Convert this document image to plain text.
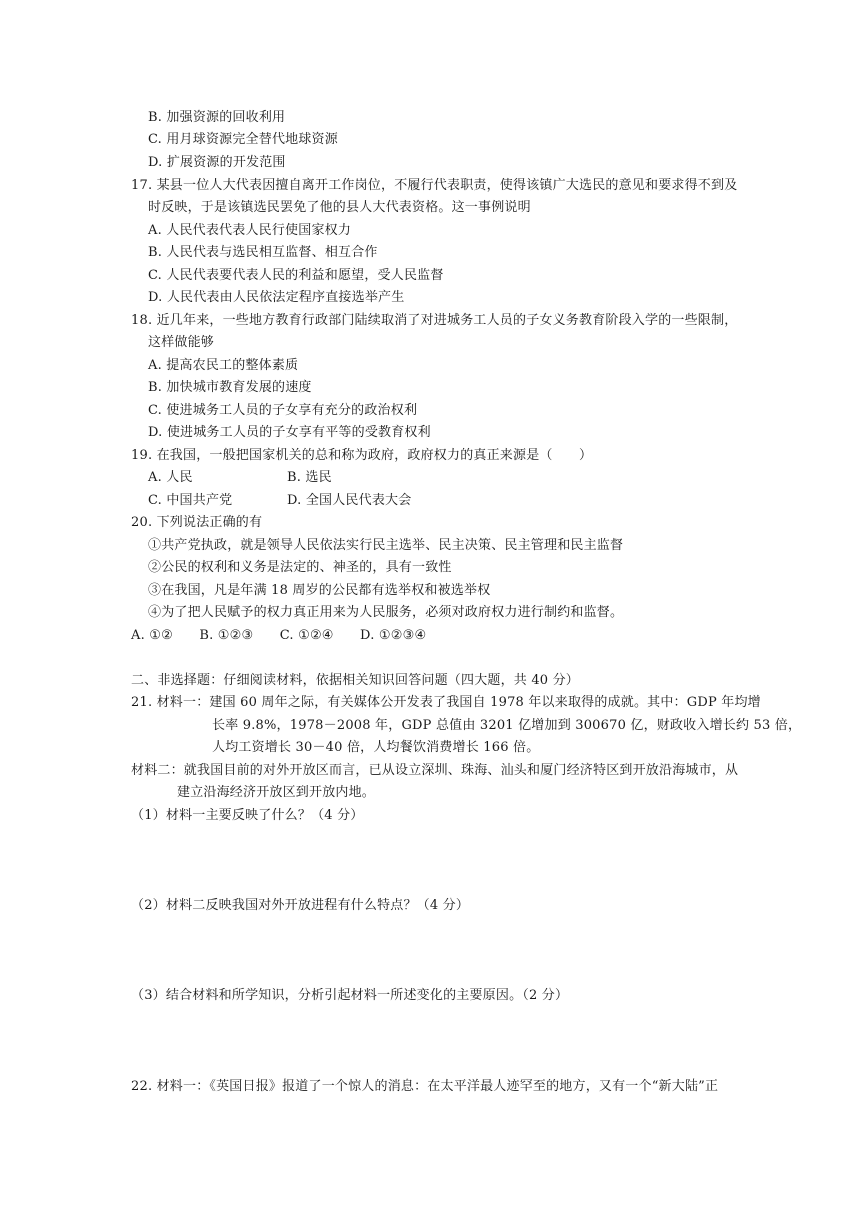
B. 加强资源的回收利用
C. 用月球资源完全替代地球资源
D. 扩展资源的开发范围
17. 某县一位人大代表因擅自离开工作岗位，不履行代表职责，使得该镇广大选民的意见和要求得不到及
时反映，于是该镇选民罢免了他的县人大代表资格。这一事例说明
A. 人民代表代表人民行使国家权力
B. 人民代表与选民相互监督、相互合作
C. 人民代表要代表人民的利益和愿望，受人民监督
D. 人民代表由人民依法定程序直接选举产生
18. 近几年来，一些地方教育行政部门陆续取消了对进城务工人员的子女义务教育阶段入学的一些限制，
这样做能够
A. 提高农民工的整体素质
B. 加快城市教育发展的速度
C. 使进城务工人员的子女享有充分的政治权利
D. 使进城务工人员的子女享有平等的受教育权利
19. 在我国，一般把国家机关的总和称为政府，政府权力的真正来源是（　　）
A. 人民	B. 选民
C. 中国共产党	D. 全国人民代表大会
20. 下列说法正确的有
①共产党执政，就是领导人民依法实行民主选举、民主决策、民主管理和民主监督
②公民的权利和义务是法定的、神圣的，具有一致性
③在我国，凡是年满 18 周岁的公民都有选举权和被选举权
④为了把人民赋予的权力真正用来为人民服务，必须对政府权力进行制约和监督。
A. ①②　　B. ①②③　　C. ①②④　　D. ①②③④
二、非选择题：仔细阅读材料，依据相关知识回答问题（四大题，共 40 分）
21. 材料一：建国 60 周年之际，有关媒体公开发表了我国自 1978 年以来取得的成就。其中：GDP 年均增
长率 9.8%，1978－2008 年，GDP 总值由 3201 亿增加到 300670 亿，财政收入增长约 53 倍，
人均工资增长 30－40 倍，人均餐饮消费增长 166 倍。
材料二：就我国目前的对外开放区而言，已从设立深圳、珠海、汕头和厦门经济特区到开放沿海城市，从
建立沿海经济开放区到开放内地。
（1）材料一主要反映了什么？（4 分）
（2）材料二反映我国对外开放进程有什么特点？（4 分）
（3）结合材料和所学知识，分析引起材料一所述变化的主要原因。（2 分）
22. 材料一：《英国日报》报道了一个惊人的消息：在太平洋最人迹罕至的地方，又有一个“新大陆”正
